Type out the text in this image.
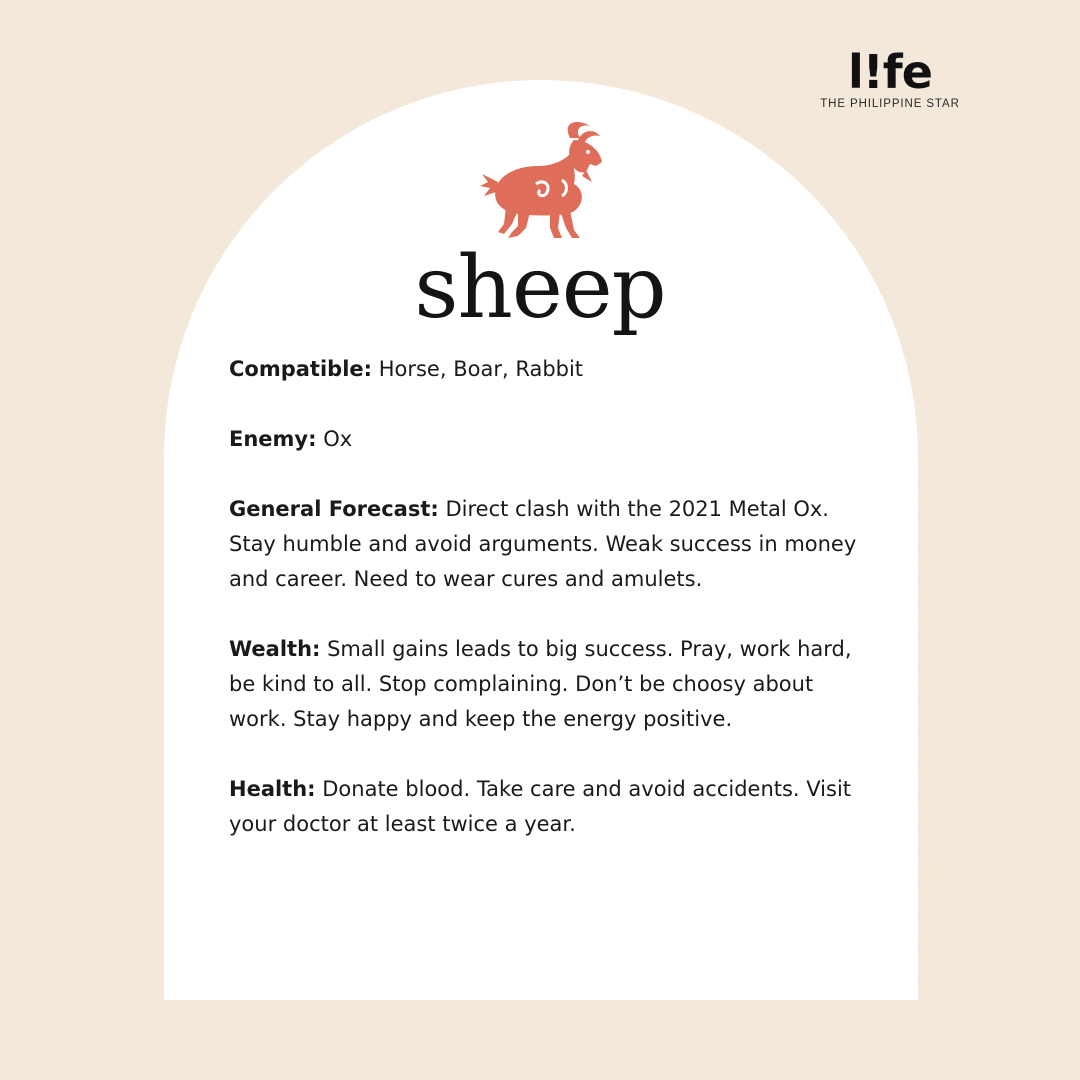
l!fe
THE PHILIPPINE STAR
sheep

Compatible: Horse, Boar, Rabbit

Enemy: Ox

General Forecast: Direct clash with the 2021 Metal Ox. Stay humble and avoid arguments. Weak success in money and career. Need to wear cures and amulets.

Wealth: Small gains leads to big success. Pray, work hard, be kind to all. Stop complaining. Don’t be choosy about work. Stay happy and keep the energy positive.

Health: Donate blood. Take care and avoid accidents. Visit your doctor at least twice a year.
